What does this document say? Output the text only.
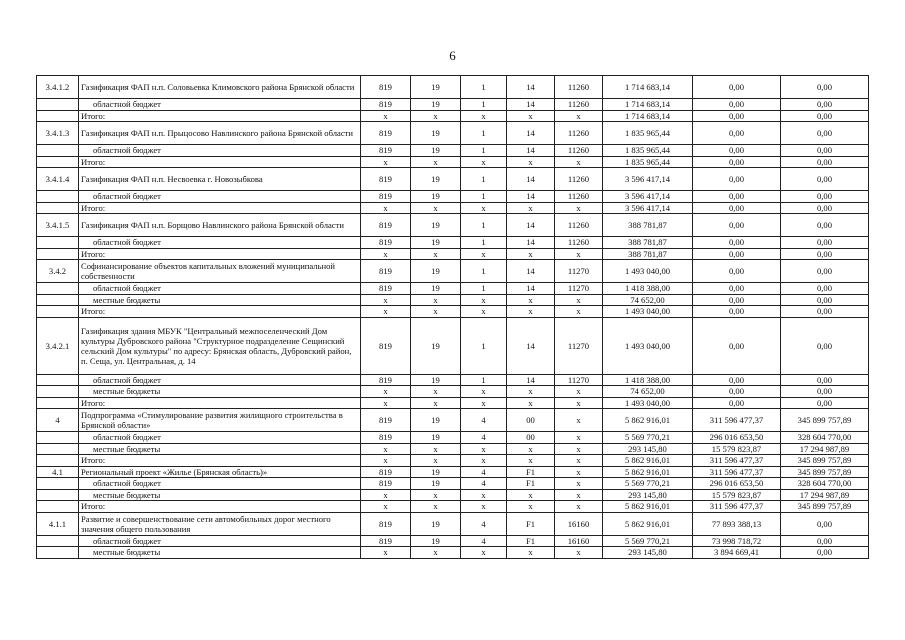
6
3.4.1.2	Газификация ФАП н.п. Соловьевка Климовского района Брянской области	819	19	1	14	11260	1 714 683,14	0,00	0,00
	областной бюджет	819	19	1	14	11260	1 714 683,14	0,00	0,00
	Итого:	x	x	x	x	x	1 714 683,14	0,00	0,00
3.4.1.3	Газификация ФАП н.п. Прыцосово Навлинского района Брянской области	819	19	1	14	11260	1 835 965,44	0,00	0,00
	областной бюджет	819	19	1	14	11260	1 835 965,44	0,00	0,00
	Итого:	x	x	x	x	x	1 835 965,44	0,00	0,00
3.4.1.4	Газификация ФАП н.п. Несвоевка г. Новозыбкова	819	19	1	14	11260	3 596 417,14	0,00	0,00
	областной бюджет	819	19	1	14	11260	3 596 417,14	0,00	0,00
	Итого:	x	x	x	x	x	3 596 417,14	0,00	0,00
3.4.1.5	Газификация ФАП н.п. Борщово Навлинского района Брянской области	819	19	1	14	11260	388 781,87	0,00	0,00
	областной бюджет	819	19	1	14	11260	388 781,87	0,00	0,00
	Итого:	x	x	x	x	x	388 781,87	0,00	0,00
3.4.2	Софинансирование объектов капитальных вложений муниципальной собственности	819	19	1	14	11270	1 493 040,00	0,00	0,00
	областной бюджет	819	19	1	14	11270	1 418 388,00	0,00	0,00
	местные бюджеты	x	x	x	x	x	74 652,00	0,00	0,00
	Итого:	x	x	x	x	x	1 493 040,00	0,00	0,00
3.4.2.1	Газификация здания МБУК "Центральный межпоселенческий Дом культуры Дубровского района "Структурное подразделение Сещинский сельский Дом культуры" по адресу: Брянская область, Дубровский район, п. Сеща, ул. Центральная, д. 14	819	19	1	14	11270	1 493 040,00	0,00	0,00
	областной бюджет	819	19	1	14	11270	1 418 388,00	0,00	0,00
	местные бюджеты	x	x	x	x	x	74 652,00	0,00	0,00
	Итого:	x	x	x	x	x	1 493 040,00	0,00	0,00
4	Подпрограмма «Стимулирование развития жилищного строительства в Брянской области»	819	19	4	00	x	5 862 916,01	311 596 477,37	345 899 757,89
	областной бюджет	819	19	4	00	x	5 569 770,21	296 016 653,50	328 604 770,00
	местные бюджеты	x	x	x	x	x	293 145,80	15 579 823,87	17 294 987,89
	Итого:	x	x	x	x	x	5 862 916,01	311 596 477,37	345 899 757,89
4.1	Региональный проект «Жилье (Брянская область)»	819	19	4	F1	x	5 862 916,01	311 596 477,37	345 899 757,89
	областной бюджет	819	19	4	F1	x	5 569 770,21	296 016 653,50	328 604 770,00
	местные бюджеты	x	x	x	x	x	293 145,80	15 579 823,87	17 294 987,89
	Итого:	x	x	x	x	x	5 862 916,01	311 596 477,37	345 899 757,89
4.1.1	Развитие и совершенствование сети автомобильных дорог местного значения общего пользования	819	19	4	F1	16160	5 862 916,01	77 893 388,13	0,00
	областной бюджет	819	19	4	F1	16160	5 569 770,21	73 998 718,72	0,00
	местные бюджеты	x	x	x	x	x	293 145,80	3 894 669,41	0,00
